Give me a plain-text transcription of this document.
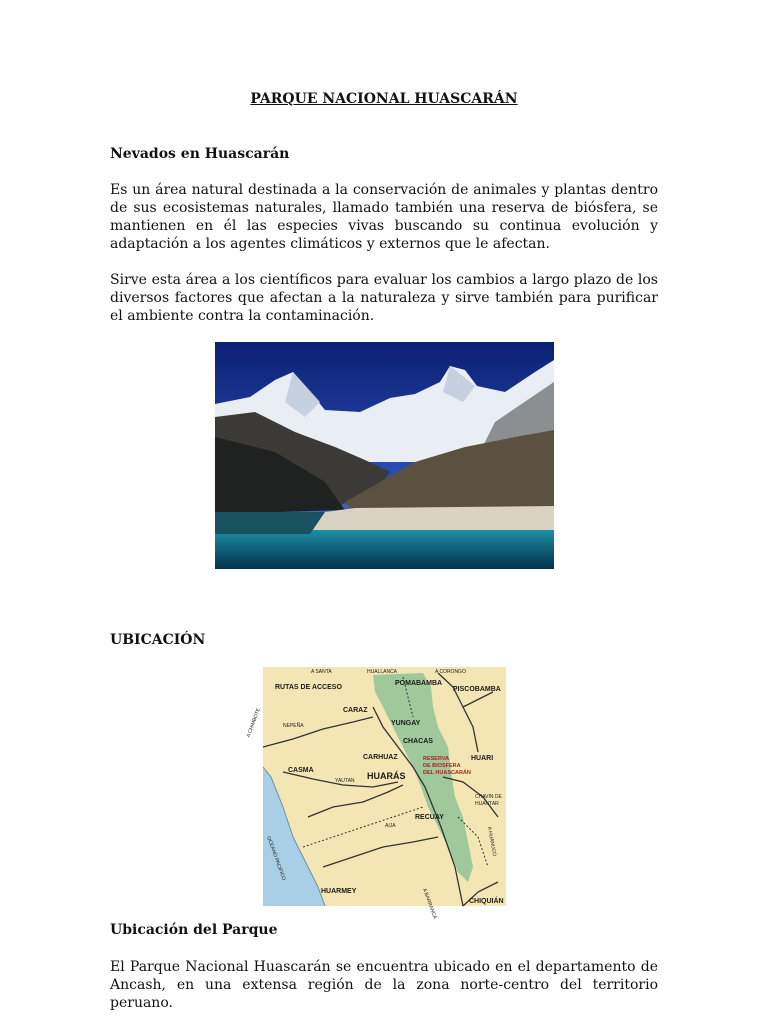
PARQUE NACIONAL HUASCARÁN
Nevados en Huascarán
Es un área natural destinada a la conservación de animales y plantas dentro de sus ecosistemas naturales, llamado también una reserva de biósfera, se mantienen en él las especies vivas buscando su continua evolución y adaptación a los agentes climáticos y externos que le afectan.
Sirve esta área a los científicos para evaluar los cambios a largo plazo de los diversos factores que afectan a la naturaleza y sirve también para purificar el ambiente contra la contaminación.
UBICACIÓN
RUTAS DE ACCESO
A SANTA	HUALLANCA	A CORONGO
POMABAMBA
PISCOBAMBA
CARAZ
YUNGAY
CHACAS
NEPEÑA
CARHUAZ	HUARI
RESERVA
DE BIOSFERA
DEL HUASCARÁN
CASMA
YAUTAN HUARÁS
CHAVIN DE
HUANTAR
RECUAY
AIJA
HUARMEY
CHIQUIÁN
OCEANO PACIFICO
A CHIMBOTE
A BARRANCA
A HUANUCO
Ubicación del Parque
El Parque Nacional Huascarán se encuentra ubicado en el departamento de Ancash, en una extensa región de la zona norte-centro del territorio peruano.
